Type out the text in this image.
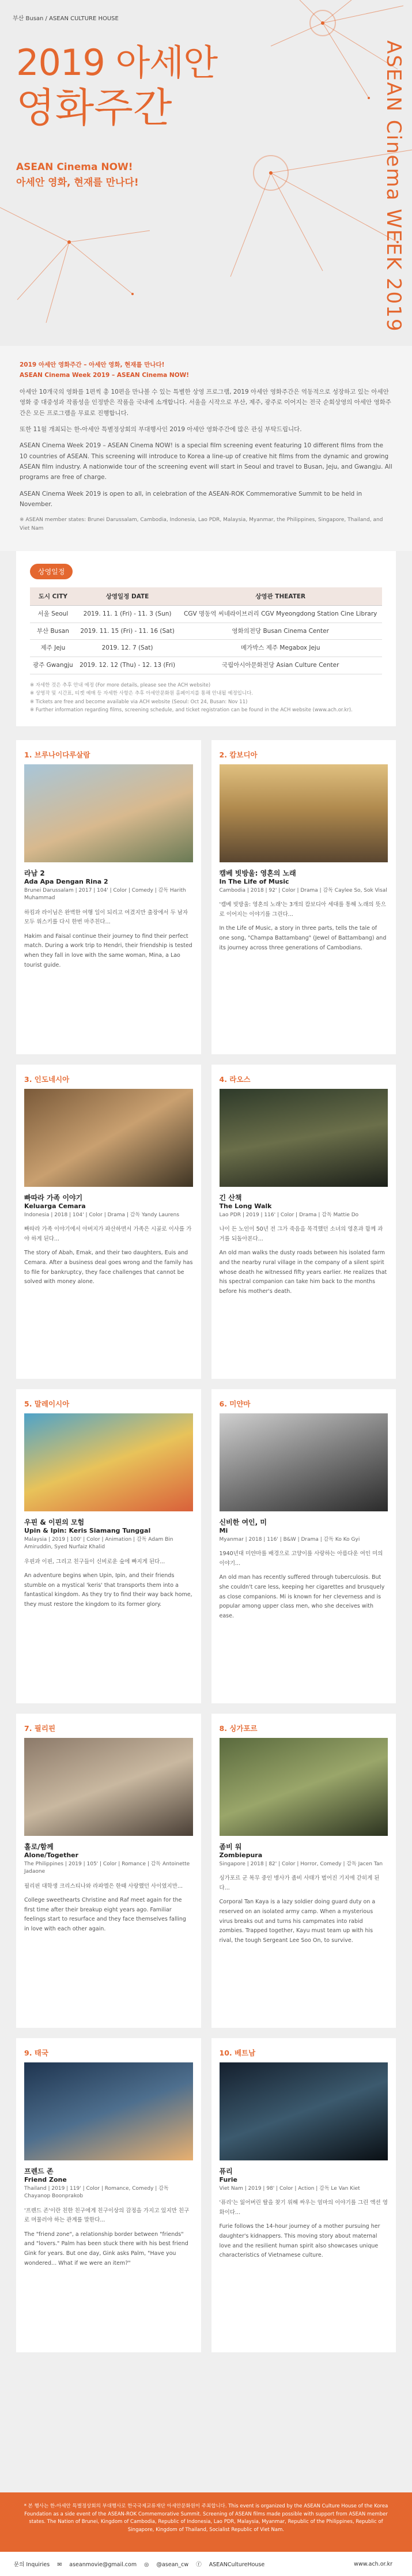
부산 Busan / ASEAN CULTURE HOUSE
2019 아세안
영화주간	ASEAN Cinema WEEK 2019
ASEAN Cinema NOW!
아세안 영화, 현재를 만나다!

2019 아세안 영화주간 – 아세안 영화, 현재를 만나다!
ASEAN Cinema Week 2019 – ASEAN Cinema NOW!

아세안 10개국의 영화를 1편씩 총 10편을 만나볼 수 있는 특별한 상영 프로그램, 2019 아세안 영화주간은 역동적으로 성장하고 있는 아세안 영화 중 대중성과 작품성을 인정받은 작품을 국내에 소개합니다. 서울을 시작으로 부산, 제주, 광주로 이어지는 전국 순회상영의 아세안 영화주간은 모든 프로그램을 무료로 진행합니다.

또한 11월 개최되는 한-아세안 특별정상회의 부대행사인 2019 아세안 영화주간에 많은 관심 부탁드립니다.

ASEAN Cinema Week 2019 – ASEAN Cinema NOW! is a special film screening event featuring 10 different films from the 10 countries of ASEAN. This screening will introduce to Korea a line-up of creative hit films from the dynamic and growing ASEAN film industry. A nationwide tour of the screening event will start in Seoul and travel to Busan, Jeju, and Gwangju. All programs are free of charge.

ASEAN Cinema Week 2019 is open to all, in celebration of the ASEAN-ROK Commemorative Summit to be held in November.

※ ASEAN member states: Brunei Darussalam, Cambodia, Indonesia, Lao PDR, Malaysia, Myanmar, the Philippines, Singapore, Thailand, and Viet Nam

상영일정
도시 CITY	상영일정 DATE	상영관 THEATER
서울 Seoul	2019. 11. 1 (Fri) - 11. 3 (Sun)	CGV 명동역 씨네라이브러리 CGV Myeongdong Station Cine Library
부산 Busan	2019. 11. 15 (Fri) - 11. 16 (Sat)	영화의전당 Busan Cinema Center
제주 Jeju	2019. 12. 7 (Sat)	메가박스 제주 Megabox Jeju
광주 Gwangju	2019. 12. 12 (Thu) - 12. 13 (Fri)	국립아시아문화전당 Asian Culture Center
※ 자세한 것은 추후 안내 예정 (For more details, please see the ACH website)
※ 상영작 및 시간표, 티켓 예매 등 자세한 사항은 추후 아세안문화원 홈페이지를 통해 안내될 예정입니다.
※ Tickets are free and become available via ACH website (Seoul: Oct 24, Busan: Nov 11)
※ Further information regarding films, screening schedule, and ticket registration can be found in the ACH website (www.ach.or.kr).
1. 브루나이다루살람
라남 2
Ada Apa Dengan Rina 2
Brunei Darussalam | 2017 | 104' | Color | Comedy | 감독 Harith Muhammad
하킴과 라이님은 완벽한 여행 일이 되리고 여겼지만 출장에서 두 남자 모두 위스키를 다시 한번 마주친다...
Hakim and Faisal continue their journey to find their perfect match. During a work trip to Hendri, their friendship is tested when they fall in love with the same woman, Mina, a Lao tourist guide.
2. 캄보디아
캠베 빗방울: 영혼의 노래
In The Life of Music
Cambodia | 2018 | 92' | Color | Drama | 감독 Caylee So, Sok Visal
'캠베 빗방울: 영혼의 노래'는 3개의 캄보디아 세대를 통해 노래의 뜻으로 이어지는 이야기를 그린다...
In the Life of Music, a story in three parts, tells the tale of one song, "Champa Battambang" (Jewel of Battambang) and its journey across three generations of Cambodians.
3. 인도네시아
빠따라 가족 이야기
Keluarga Cemara
Indonesia | 2018 | 104' | Color | Drama | 감독 Yandy Laurens
빠따라 가족 이야기에서 아버지가 파산하면서 가족은 시골로 이사를 가야 하게 된다...
The story of Abah, Emak, and their two daughters, Euis and Cemara. After a business deal goes wrong and the family has to file for bankruptcy, they face challenges that cannot be solved with money alone.
4. 라오스
긴 산책
The Long Walk
Lao PDR | 2019 | 116' | Color | Drama | 감독 Mattie Do
나이 든 노인이 50년 전 그가 죽음을 목격했던 소녀의 영혼과 함께 과거를 되돌아본다...
An old man walks the dusty roads between his isolated farm and the nearby rural village in the company of a silent spirit whose death he witnessed fifty years earlier. He realizes that his spectral companion can take him back to the months before his mother's death.
5. 말레이시아
우핀 & 이핀의 모험
Upin & Ipin: Keris Siamang Tunggal
Malaysia | 2019 | 100' | Color | Animation | 감독 Adam Bin Amiruddin, Syed Nurfaiz Khalid
우핀과 이핀, 그리고 친구들이 신비로운 숲에 빠지게 된다...
An adventure begins when Upin, Ipin, and their friends stumble on a mystical 'keris' that transports them into a fantastical kingdom. As they try to find their way back home, they must restore the kingdom to its former glory.
6. 미얀마
신비한 여인, 미
Mi
Myanmar | 2018 | 116' | B&W | Drama | 감독 Ko Ko Gyi
1940년대 미얀마를 배경으로 고양이를 사랑하는 아름다운 여인 미의 이야기...
An old man has recently suffered through tuberculosis. But she couldn't care less, keeping her cigarettes and brusquely as close companions. Mi is known for her cleverness and is popular among upper class men, who she deceives with ease.
7. 필리핀
홀로/함께
Alone/Together
The Philippines | 2019 | 105' | Color | Romance | 감독 Antoinette Jadaone
필리핀 대학생 크리스티나와 라파엘은 한때 사랑했던 사이였지만...
College sweethearts Christine and Raf meet again for the first time after their breakup eight years ago. Familiar feelings start to resurface and they face themselves falling in love with each other again.
8. 싱가포르
좀비 워
Zombiepura
Singapore | 2018 | 82' | Color | Horror, Comedy | 감독 Jacen Tan
싱가포르 군 복무 중인 병사가 좀비 사태가 벌어진 기지에 갇히게 된다...
Corporal Tan Kaya is a lazy soldier doing guard duty on a reserved on an isolated army camp. When a mysterious virus breaks out and turns his campmates into rabid zombies. Trapped together, Kayu must team up with his rival, the tough Sergeant Lee Soo On, to survive.
9. 태국
프렌드 존
Friend Zone
Thailand | 2019 | 119' | Color | Romance, Comedy | 감독 Chayanop Boonprakob
'프렌드 존'이란 친한 친구에게 친구이상의 감정을 가지고 있지만 친구로 머물러야 하는 관계를 말한다...
The "friend zone", a relationship border between "friends" and "lovers." Palm has been stuck there with his best friend Gink for years. But one day, Gink asks Palm, "Have you wondered... What if we were an item?"
10. 베트남
퓨리
Furie
Viet Nam | 2019 | 98' | Color | Action | 감독 Le Van Kiet
'퓨리'는 잃어버린 딸을 찾기 위해 싸우는 엄마의 이야기를 그린 액션 영화이다...
Furie follows the 14-hour journey of a mother pursuing her daughter's kidnappers. This moving story about maternal love and the resilient human spirit also showcases unique characteristics of Vietnamese culture.
* 본 행사는 한-아세안 특별정상회의 부대행사로 한국국제교류재단 아세안문화원이 주최합니다. This event is organized by the ASEAN Culture House of the Korea Foundation as a side event of the ASEAN-ROK Commemorative Summit. Screening of ASEAN films made possible with support from ASEAN member states. The Nation of Brunei, Kingdom of Cambodia, Republic of Indonesia, Lao PDR, Malaysia, Myanmar, Republic of the Philippines, Republic of Singapore, Kingdom of Thailand, Socialist Republic of Viet Nam.
문의 Inquiries ✉ aseanmovie@gmail.com ◎ @asean_cw ⓕ ASEANCultureHouse	www.ach.or.kr
